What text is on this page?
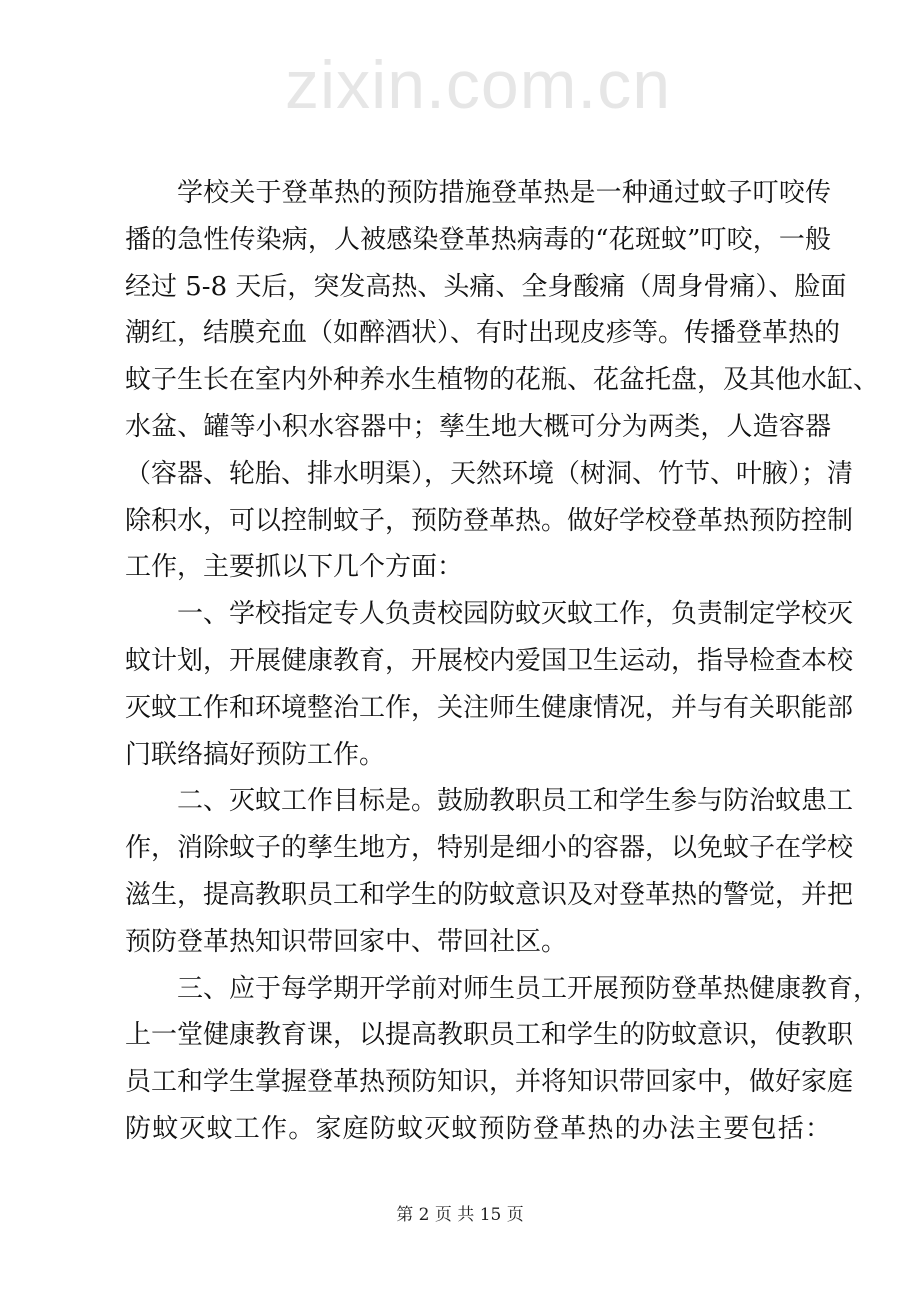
zixin.com.cn
学校关于登革热的预防措施登革热是一种通过蚊子叮咬传
播的急性传染病，人被感染登革热病毒的“花斑蚊”叮咬，一般
经过 5-8 天后，突发高热、头痛、全身酸痛（周身骨痛）、脸面
潮红，结膜充血（如醉酒状）、有时出现皮疹等。传播登革热的
蚊子生长在室内外种养水生植物的花瓶、花盆托盘，及其他水缸、
水盆、罐等小积水容器中；孳生地大概可分为两类，人造容器
（容器、轮胎、排水明渠），天然环境（树洞、竹节、叶腋）；清
除积水，可以控制蚊子，预防登革热。做好学校登革热预防控制
工作，主要抓以下几个方面：
一、学校指定专人负责校园防蚊灭蚊工作，负责制定学校灭
蚊计划，开展健康教育，开展校内爱国卫生运动，指导检查本校
灭蚊工作和环境整治工作，关注师生健康情况，并与有关职能部
门联络搞好预防工作。
二、灭蚊工作目标是。鼓励教职员工和学生参与防治蚊患工
作，消除蚊子的孳生地方，特别是细小的容器，以免蚊子在学校
滋生，提高教职员工和学生的防蚊意识及对登革热的警觉，并把
预防登革热知识带回家中、带回社区。
三、应于每学期开学前对师生员工开展预防登革热健康教育，
上一堂健康教育课，以提高教职员工和学生的防蚊意识，使教职
员工和学生掌握登革热预防知识，并将知识带回家中，做好家庭
防蚊灭蚊工作。家庭防蚊灭蚊预防登革热的办法主要包括：
第 2 页 共 15 页
